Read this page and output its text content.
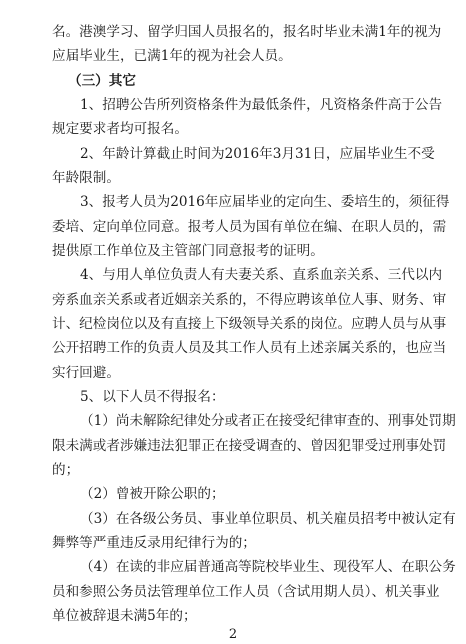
名。港澳学习、留学归国人员报名的，报名时毕业未满1年的视为
应届毕业生，已满1年的视为社会人员。
（三）其它
1、招聘公告所列资格条件为最低条件，凡资格条件高于公告
规定要求者均可报名。
2、年龄计算截止时间为2016年3月31日，应届毕业生不受
年龄限制。
3、报考人员为2016年应届毕业的定向生、委培生的，须征得
委培、定向单位同意。报考人员为国有单位在编、在职人员的，需
提供原工作单位及主管部门同意报考的证明。
4、与用人单位负责人有夫妻关系、直系血亲关系、三代以内
旁系血亲关系或者近姻亲关系的，不得应聘该单位人事、财务、审
计、纪检岗位以及有直接上下级领导关系的岗位。应聘人员与从事
公开招聘工作的负责人员及其工作人员有上述亲属关系的，也应当
实行回避。
5、以下人员不得报名：
（1）尚未解除纪律处分或者正在接受纪律审查的、刑事处罚期
限未满或者涉嫌违法犯罪正在接受调查的、曾因犯罪受过刑事处罚
的；
（2）曾被开除公职的；
（3）在各级公务员、事业单位职员、机关雇员招考中被认定有
舞弊等严重违反录用纪律行为的；
（4）在读的非应届普通高等院校毕业生、现役军人、在职公务
员和参照公务员法管理单位工作人员（含试用期人员）、机关事业
单位被辞退未满5年的；
2
